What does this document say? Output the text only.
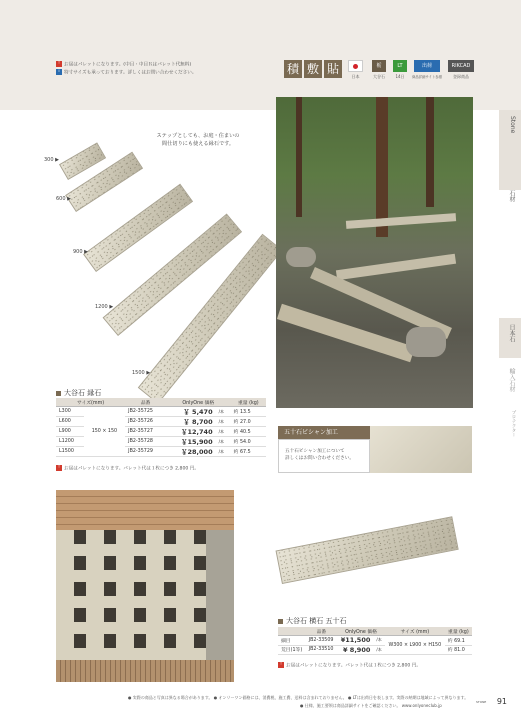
! お届はパレットになります。(中目・中目Ｒはパレット代無料)
i 特寸サイズも承っております。詳しくはお問い合わせください。	積 敷 貼
日本
栃
大谷石
LT
14日
出荷
商品詳細サイト参照
RIKCAD
登録商品
Stone
石材
日本石
輸入石材
プロテクター
ステップとしても、お庭・住まいの
間仕切りにも使える縁石です。
300 ▶
600 ▶
900 ▶
1200 ▶
1500 ▶
大谷石 縁石
サイズ(mm)		品番	OnlyOne 価格		重量 (kg)
L300	150 × 150	JB2-35725	￥ 5,470	/本	約 13.5
L600		JB2-35726	￥ 8,700	/本	約 27.0
L900		JB2-35727	￥12,740	/本	約 40.5
L1200		JB2-35728	￥15,900	/本	約 54.0
L1500		JB2-35729	￥28,000	/本	約 67.5
! お届はパレットになります。パレット代は１枚につき 2,800 円。
五十石ビシャン加工
五十石ビシャン加工について
詳しくはお問い合わせください。
大谷石 横石 五十石
	品番	OnlyOne 価格		サイズ (mm)	重量 (kg)
細目	JB2-33509	¥11,500	/本	W300 × L900 × H150	約 69.1
荒目(1等)	JB2-33510	¥ 8,900	/本		約 81.0
! お届はパレットになります。パレット代は１枚につき 2,800 円。
● 実際の商品と写真は異なる場合があります。 ● オンリーワン価格には、消費税、施工費、送料は含まれておりません。 ● LTは出荷日を表します。実際の納期は地域によって異なります。
● 仕様、施工要領は商品詳細サイトをご確認ください。 www.onlyonecIub.jp
STONE 91
